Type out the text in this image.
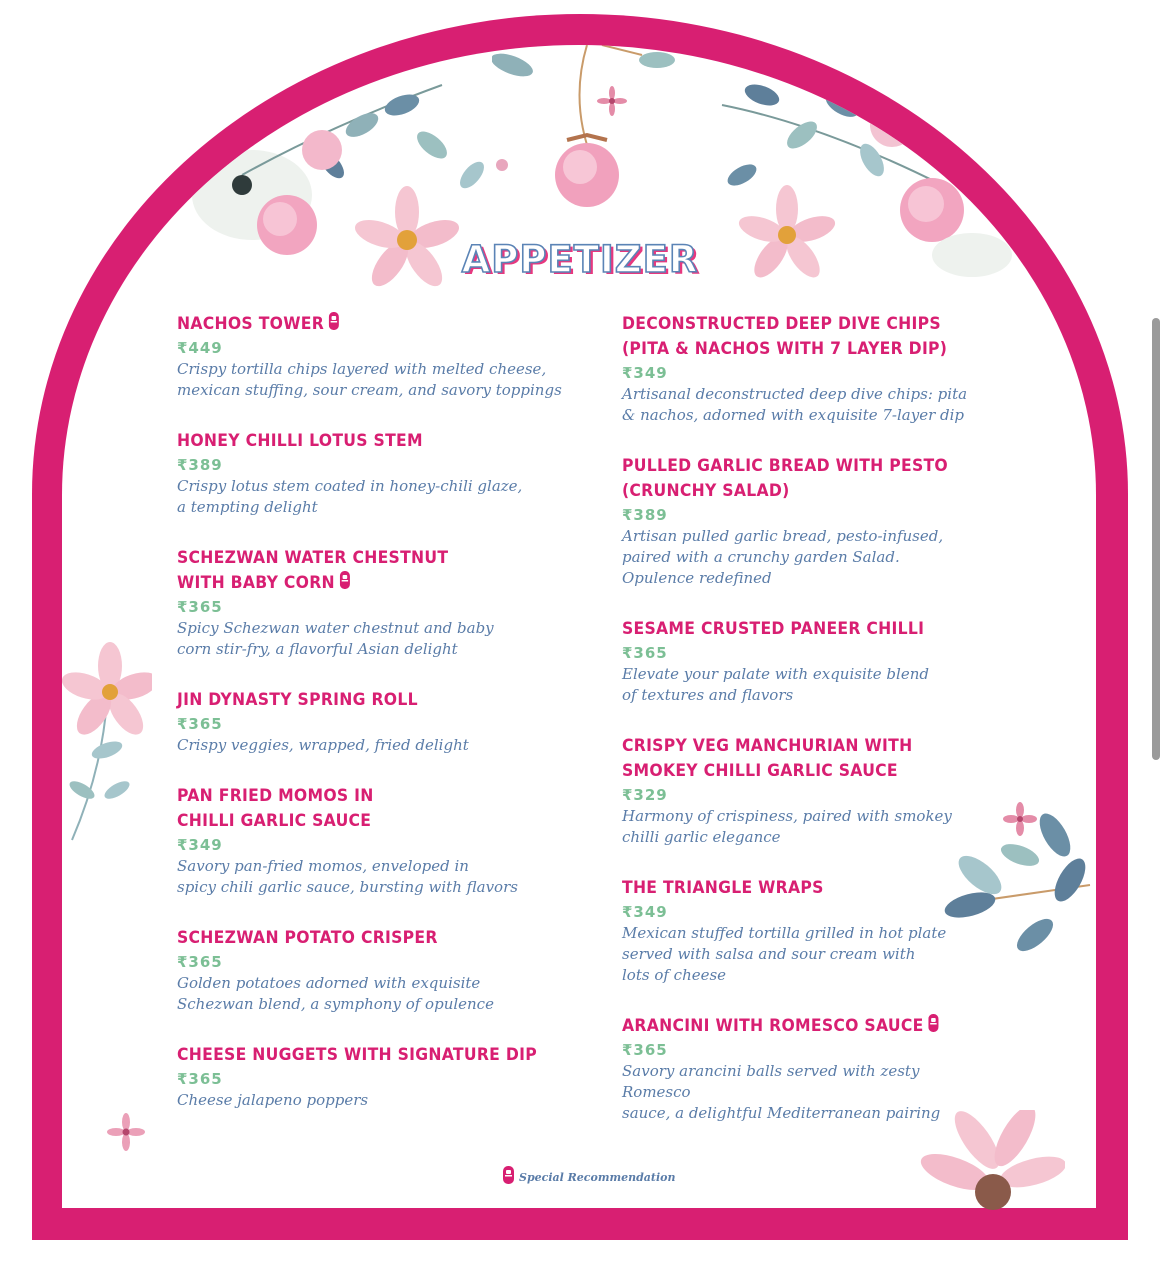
APPETIZER
NACHOS TOWER
₹449
Crispy tortilla chips layered with melted cheese,
mexican stuffing, sour cream, and savory toppings
HONEY CHILLI LOTUS STEM
₹389
Crispy lotus stem coated in honey-chili glaze,
a tempting delight
SCHEZWAN WATER CHESTNUT
WITH BABY CORN
₹365
Spicy Schezwan water chestnut and baby
corn stir-fry, a flavorful Asian delight
JIN DYNASTY SPRING ROLL
₹365
Crispy veggies, wrapped, fried delight
PAN FRIED MOMOS IN
CHILLI GARLIC SAUCE
₹349
Savory pan-fried momos, enveloped in
spicy chili garlic sauce, bursting with flavors
SCHEZWAN POTATO CRISPER
₹365
Golden potatoes adorned with exquisite
Schezwan blend, a symphony of opulence
CHEESE NUGGETS WITH SIGNATURE DIP
₹365
Cheese jalapeno poppers
DECONSTRUCTED DEEP DIVE CHIPS
(PITA & NACHOS WITH 7 LAYER DIP)
₹349
Artisanal deconstructed deep dive chips: pita
& nachos, adorned with exquisite 7-layer dip
PULLED GARLIC BREAD WITH PESTO
(CRUNCHY SALAD)
₹389
Artisan pulled garlic bread, pesto-infused,
paired with a crunchy garden Salad.
Opulence redefined
SESAME CRUSTED PANEER CHILLI
₹365
Elevate your palate with exquisite blend
of textures and flavors
CRISPY VEG MANCHURIAN WITH
SMOKEY CHILLI GARLIC SAUCE
₹329
Harmony of crispiness, paired with smokey
chilli garlic elegance
THE TRIANGLE WRAPS
₹349
Mexican stuffed tortilla grilled in hot plate
served with salsa and sour cream with
lots of cheese
ARANCINI WITH ROMESCO SAUCE
₹365
Savory arancini balls served with zesty Romesco
sauce, a delightful Mediterranean pairing
Special Recommendation
